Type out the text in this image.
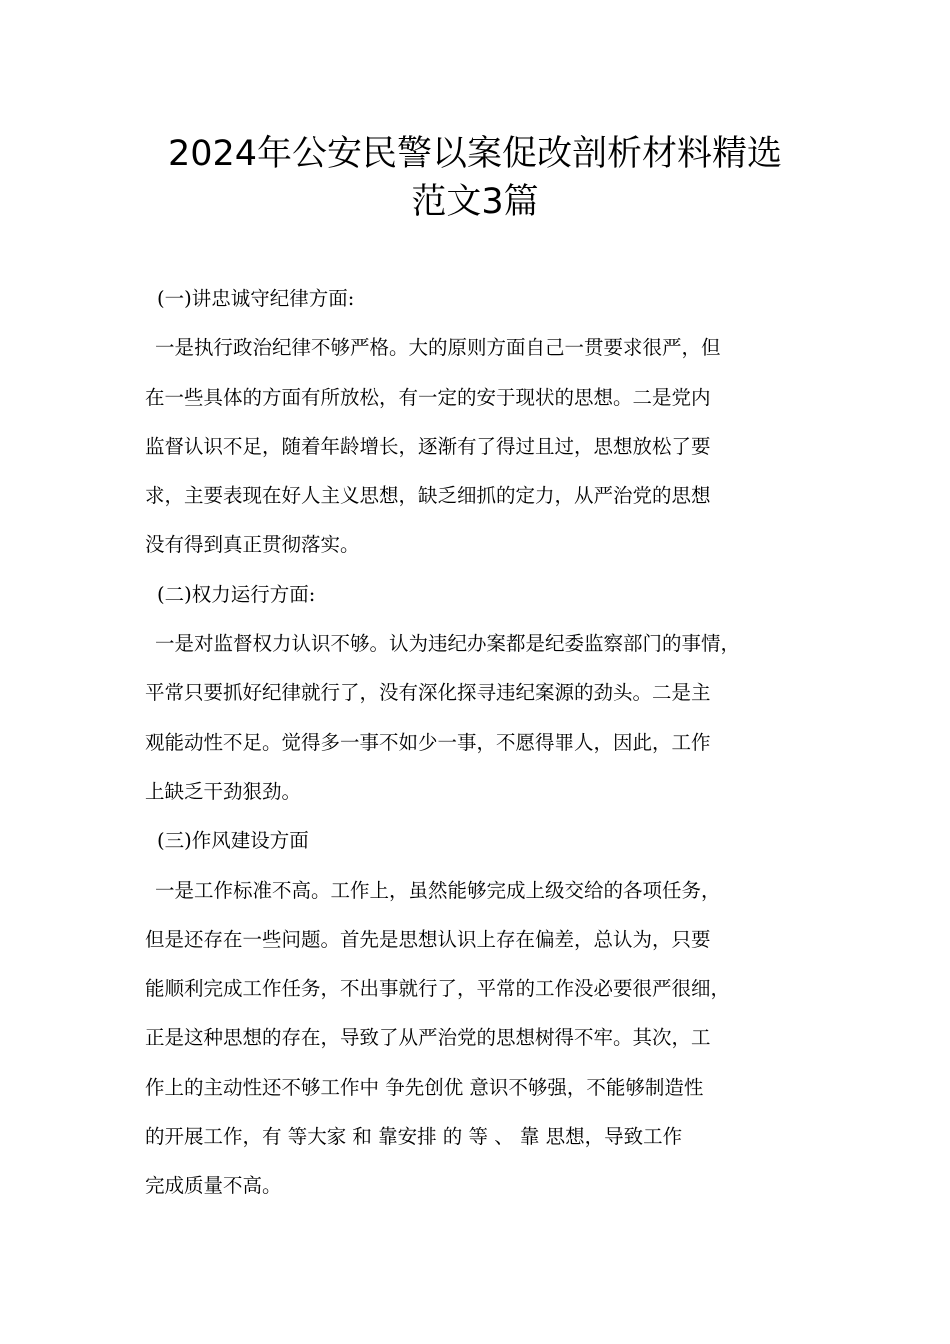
2024年公安民警以案促改剖析材料精选
范文3篇
(一)讲忠诚守纪律方面:
一是执行政治纪律不够严格。大的原则方面自己一贯要求很严，但
在一些具体的方面有所放松，有一定的安于现状的思想。二是党内
监督认识不足，随着年龄增长，逐渐有了得过且过，思想放松了要
求，主要表现在好人主义思想，缺乏细抓的定力，从严治党的思想
没有得到真正贯彻落实。
(二)权力运行方面:
一是对监督权力认识不够。认为违纪办案都是纪委监察部门的事情，
平常只要抓好纪律就行了，没有深化探寻违纪案源的劲头。二是主
观能动性不足。觉得多一事不如少一事，不愿得罪人，因此，工作
上缺乏干劲狠劲。
(三)作风建设方面
一是工作标准不高。工作上，虽然能够完成上级交给的各项任务，
但是还存在一些问题。首先是思想认识上存在偏差，总认为，只要
能顺利完成工作任务，不出事就行了，平常的工作没必要很严很细，
正是这种思想的存在，导致了从严治党的思想树得不牢。其次，工
作上的主动性还不够工作中 争先创优 意识不够强，不能够制造性
的开展工作，有 等大家 和 靠安排 的 等 、 靠 思想，导致工作
完成质量不高。
